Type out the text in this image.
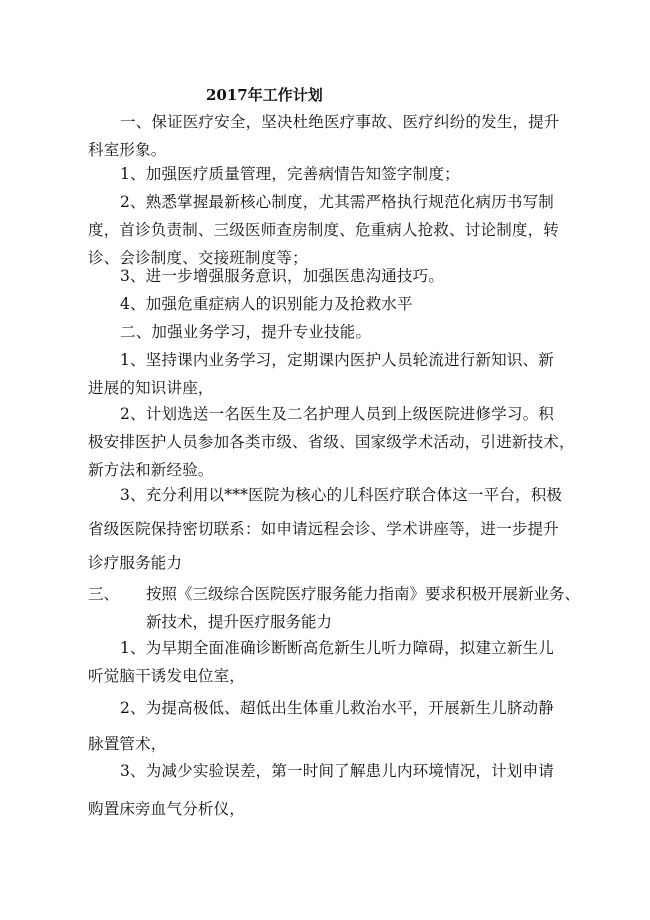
2017年工作计划
一、保证医疗安全，坚决杜绝医疗事故、医疗纠纷的发生，提升
科室形象。
1、加强医疗质量管理，完善病情告知签字制度；
2、熟悉掌握最新核心制度，尤其需严格执行规范化病历书写制
度，首诊负责制、三级医师查房制度、危重病人抢救、讨论制度，转
诊、会诊制度、交接班制度等；
3、进一步增强服务意识，加强医患沟通技巧。
4、加强危重症病人的识别能力及抢救水平
二、加强业务学习，提升专业技能。
1、坚持课内业务学习，定期课内医护人员轮流进行新知识、新
进展的知识讲座，
2、计划选送一名医生及二名护理人员到上级医院进修学习。积
极安排医护人员参加各类市级、省级、国家级学术活动，引进新技术，
新方法和新经验。
3、充分利用以***医院为核心的儿科医疗联合体这一平台，积极
省级医院保持密切联系：如申请远程会诊、学术讲座等，进一步提升
诊疗服务能力
三、 按照《三级综合医院医疗服务能力指南》要求积极开展新业务、
新技术，提升医疗服务能力
1、为早期全面准确诊断断高危新生儿听力障碍，拟建立新生儿
听觉脑干诱发电位室，
2、为提高极低、超低出生体重儿救治水平，开展新生儿脐动静
脉置管术，
3、为减少实验误差，第一时间了解患儿内环境情况，计划申请
购置床旁血气分析仪，
